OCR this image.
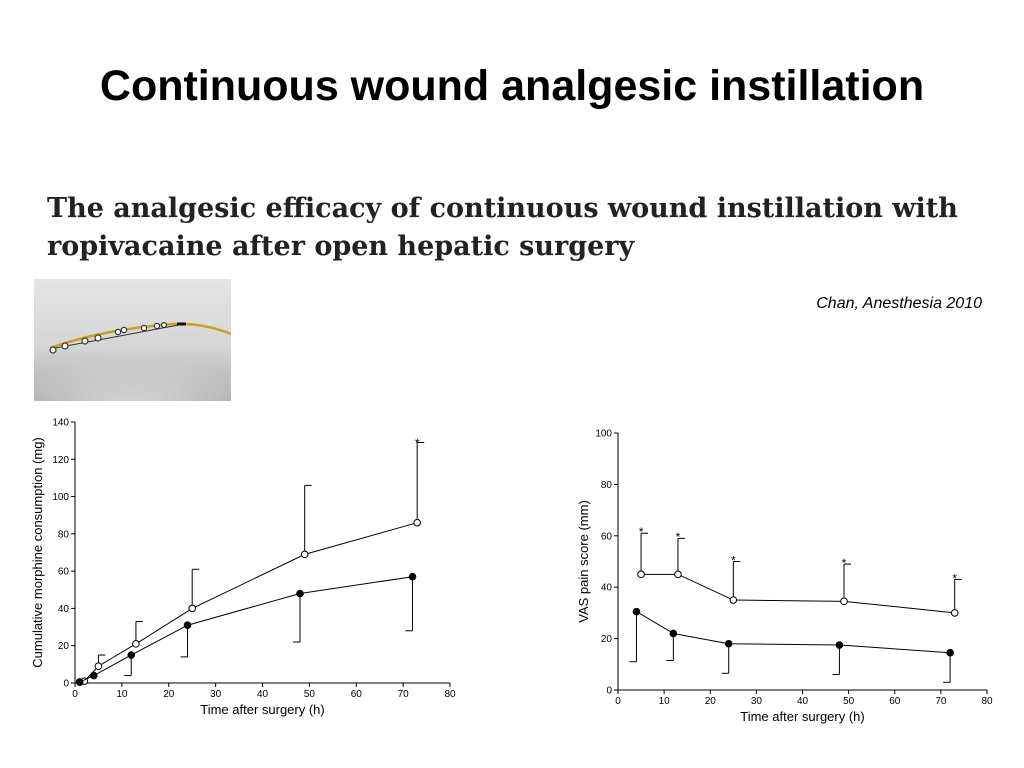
Continuous wound analgesic instillation
The analgesic efficacy of continuous wound instillation with
ropivacaine after open hepatic surgery
Chan, Anesthesia 2010
0	10	20	30	40	50	60	70	80
0
20
40
60
80
100
120
140
Time after surgery (h)
Cumulative morphine consumption (mg)	*
0	10	20	30	40	50	60	70	80
0
20
40
60
80
100
Time after surgery (h)
VAS pain score (mm)	*	*
*	*
*
